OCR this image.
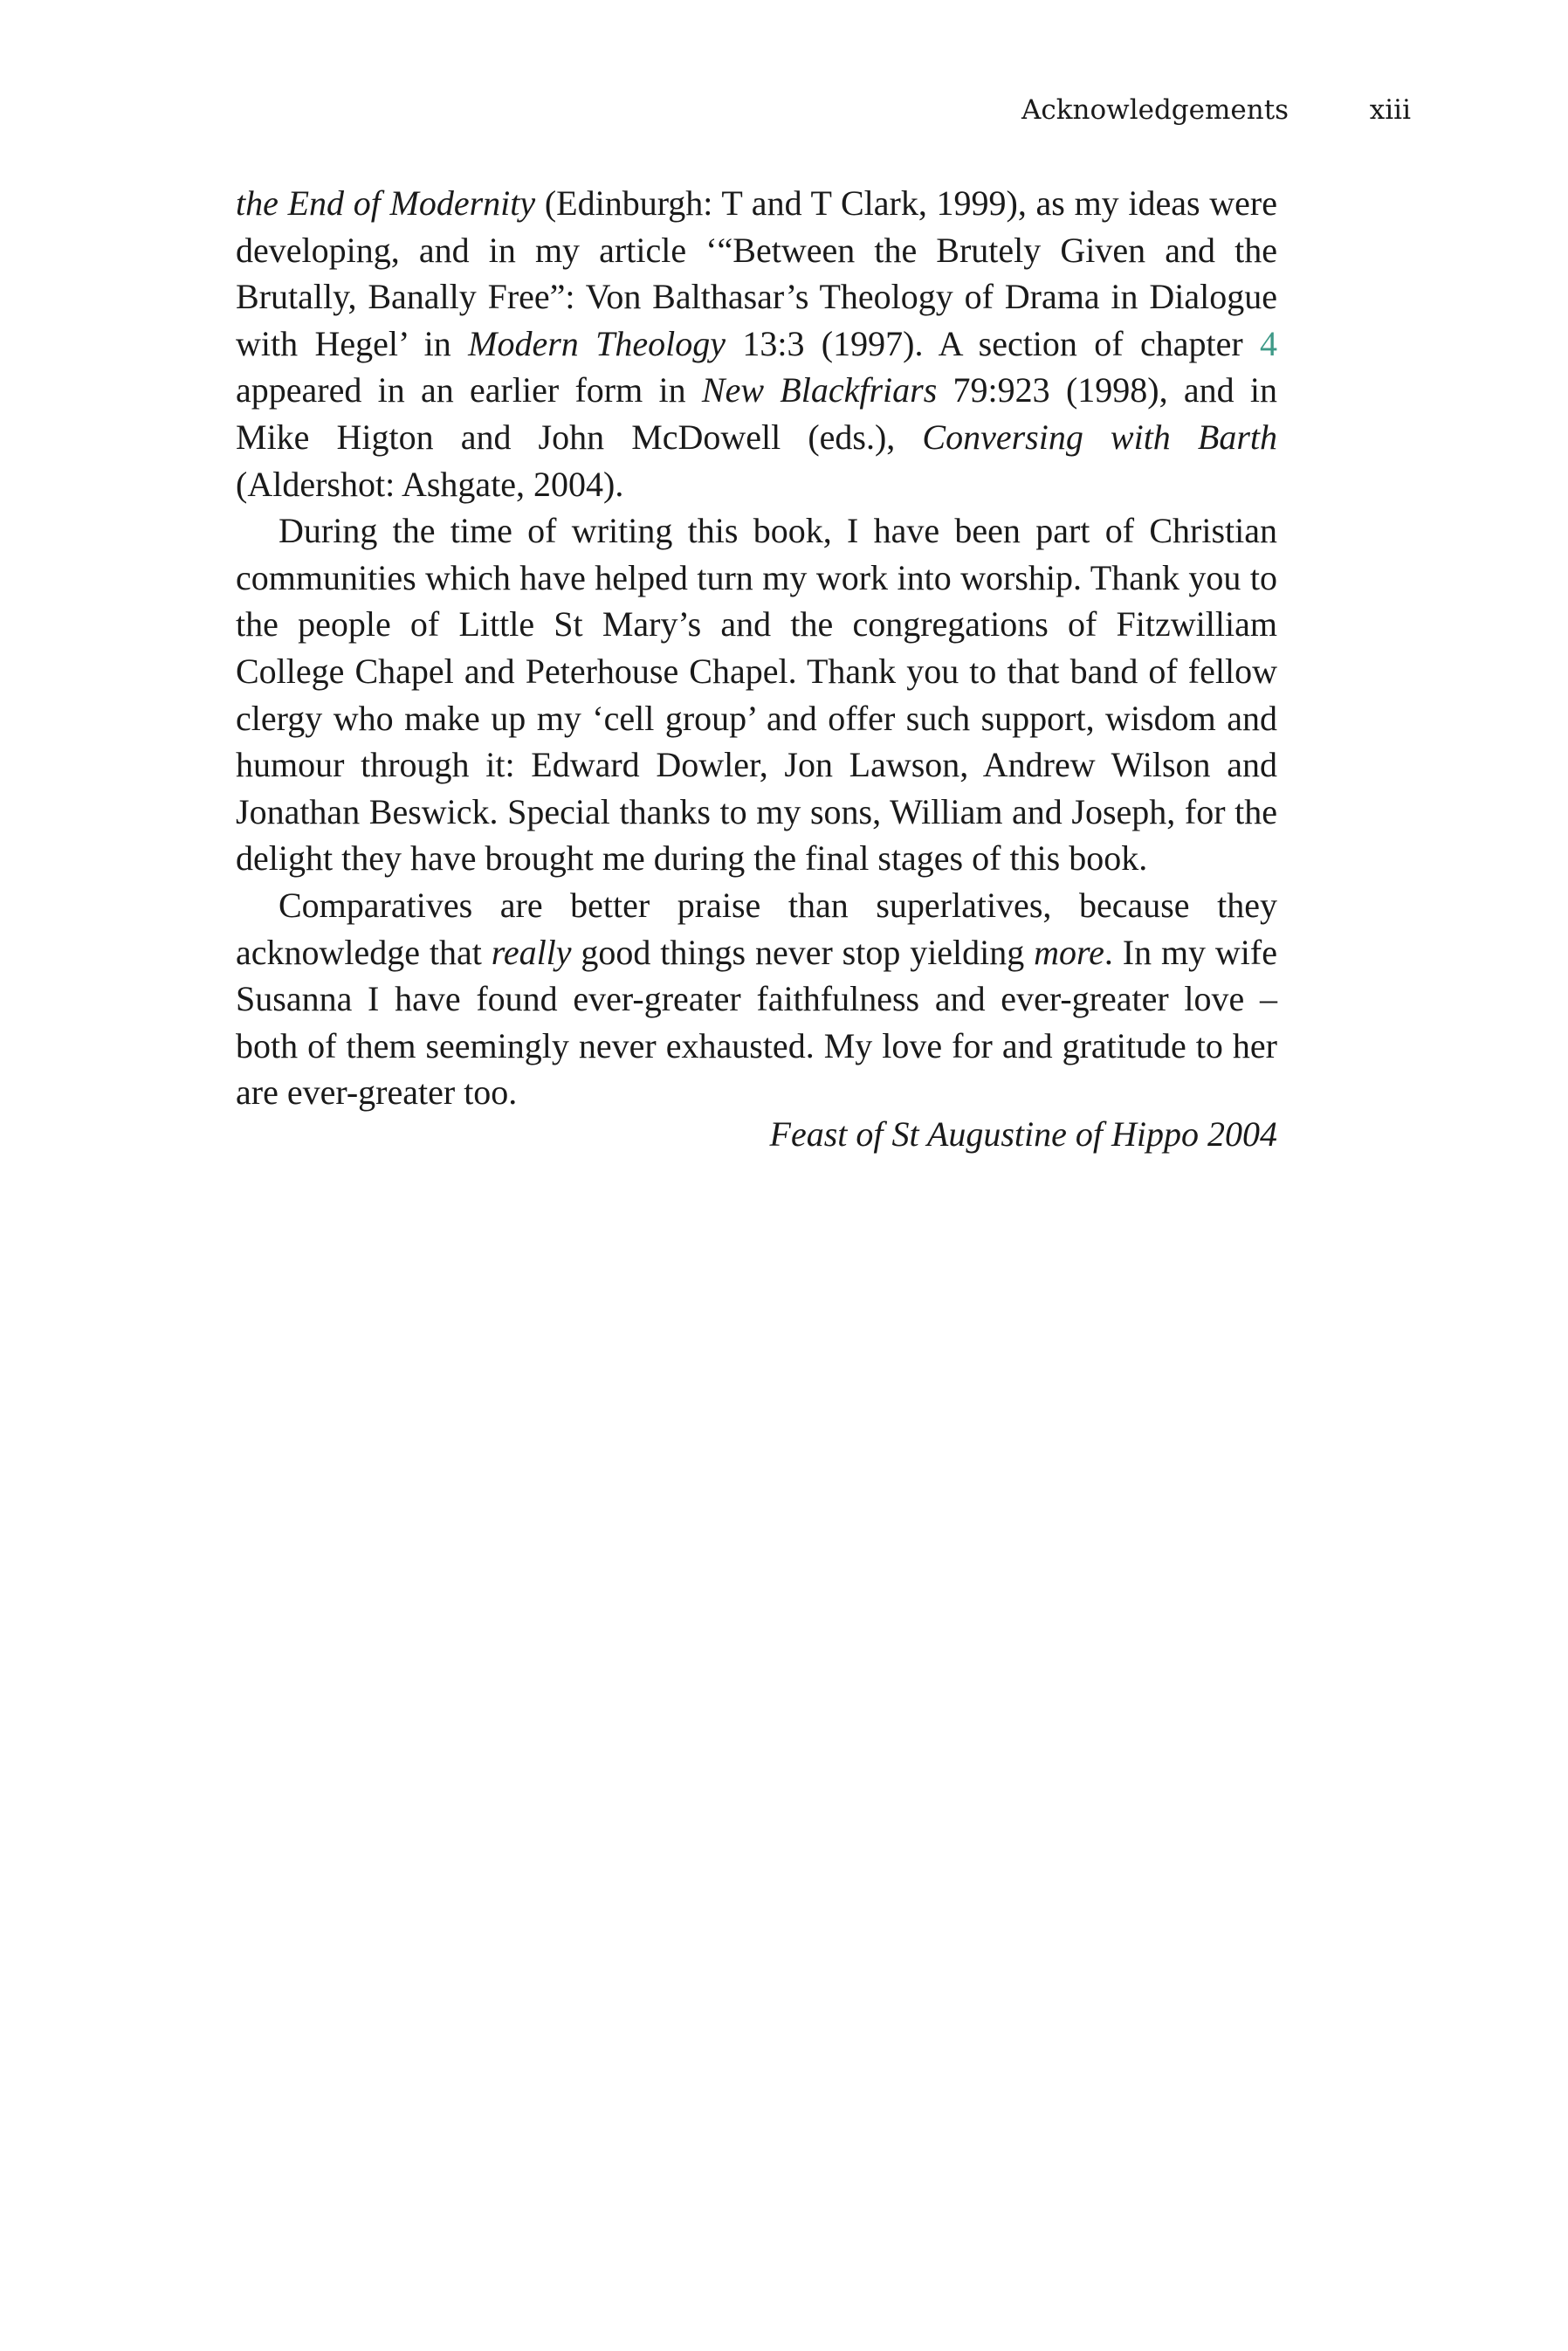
Acknowledgements	xiii

the End of Modernity (Edinburgh: T and T Clark, 1999), as my ideas were developing, and in my article ‘“Between the Brutely Given and the Brutally, Banally Free”: Von Balthasar’s Theology of Drama in Dialogue with Hegel’ in Modern Theology 13:3 (1997). A section of chapter 4 appeared in an earlier form in New Blackfriars 79:923 (1998), and in Mike Higton and John McDowell (eds.), Conversing with Barth (Aldershot: Ashgate, 2004).

During the time of writing this book, I have been part of Christian communities which have helped turn my work into worship. Thank you to the people of Little St Mary’s and the congregations of Fitzwilliam College Chapel and Peterhouse Chapel. Thank you to that band of fellow clergy who make up my ‘cell group’ and offer such support, wisdom and humour through it: Edward Dowler, Jon Lawson, Andrew Wilson and Jonathan Beswick. Special thanks to my sons, William and Joseph, for the delight they have brought me during the final stages of this book.

Comparatives are better praise than superlatives, because they acknowledge that really good things never stop yielding more. In my wife Susanna I have found ever-greater faithfulness and ever-greater love – both of them seemingly never exhausted. My love for and gratitude to her are ever-greater too.

Feast of St Augustine of Hippo 2004
